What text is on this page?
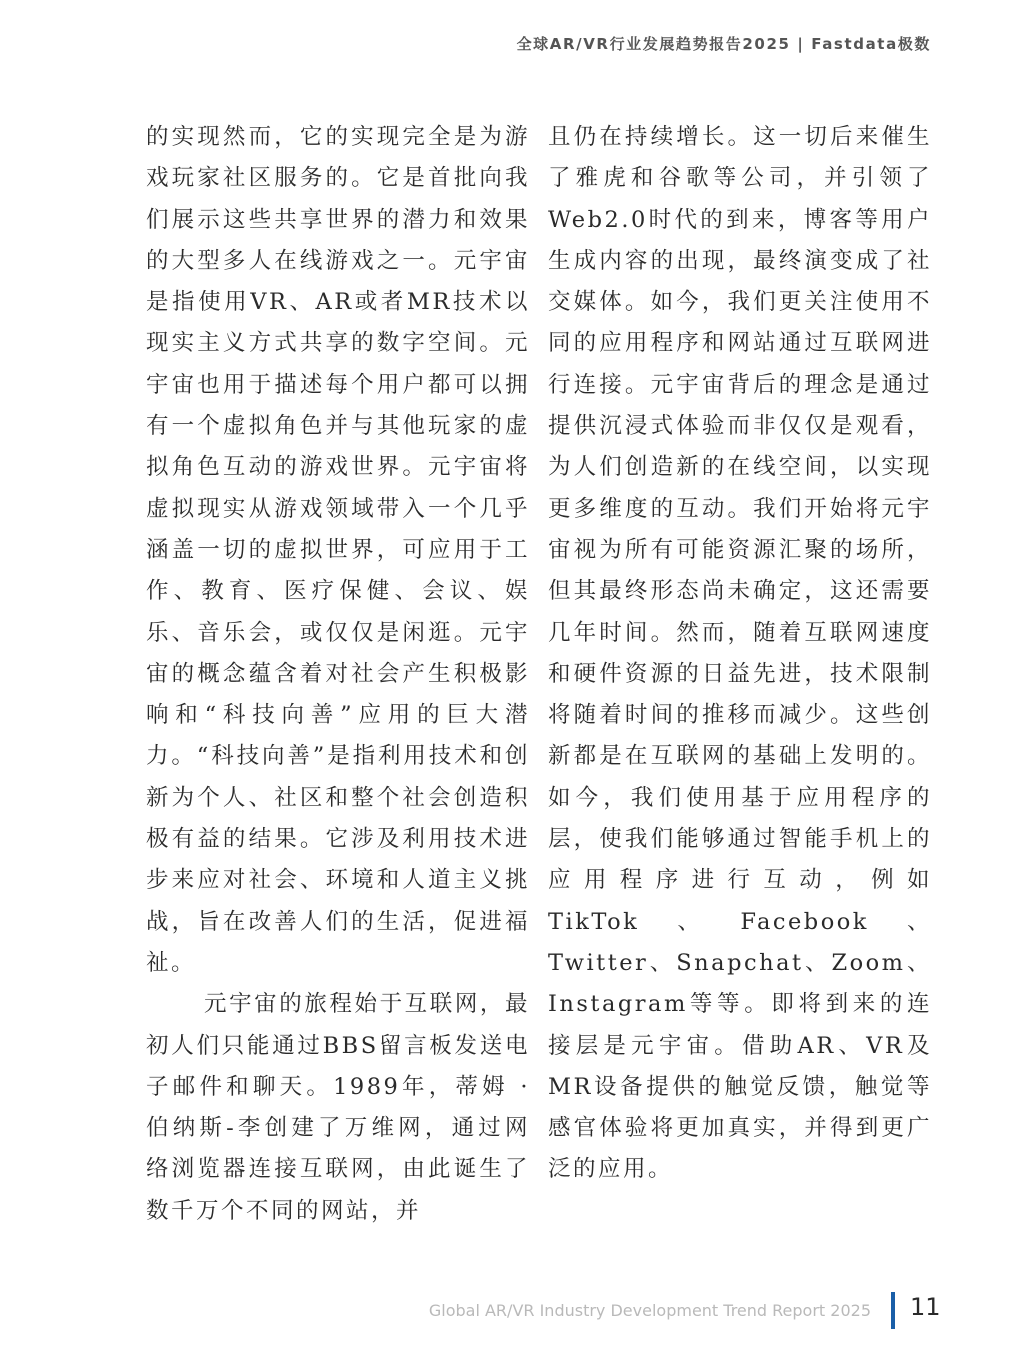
全球AR/VR行业发展趋势报告2025 | Fastdata极数

的实现然而，它的实现完全是为游戏玩家社区服务的。它是首批向我们展示这些共享世界的潜力和效果的大型多人在线游戏之一。元宇宙是指使用VR、AR或者MR技术以现实主义方式共享的数字空间。元宇宙也用于描述每个用户都可以拥有一个虚拟角色并与其他玩家的虚拟角色互动的游戏世界。元宇宙将虚拟现实从游戏领域带入一个几乎涵盖一切的虚拟世界，可应用于工作、教育、医疗保健、会议、娱乐、音乐会，或仅仅是闲逛。元宇宙的概念蕴含着对社会产生积极影响和“科技向善”应用的巨大潜力。“科技向善”是指利用技术和创新为个人、社区和整个社会创造积极有益的结果。它涉及利用技术进步来应对社会、环境和人道主义挑战，旨在改善人们的生活，促进福祉。

元宇宙的旅程始于互联网，最初人们只能通过BBS留言板发送电子邮件和聊天。1989年，蒂姆 · 伯纳斯-李创建了万维网，通过网络浏览器连接互联网，由此诞生了数千万个不同的网站，并

且仍在持续增长。这一切后来催生了雅虎和谷歌等公司，并引领了Web2.0时代的到来，博客等用户生成内容的出现，最终演变成了社交媒体。如今，我们更关注使用不同的应用程序和网站通过互联网进行连接。元宇宙背后的理念是通过提供沉浸式体验而非仅仅是观看，为人们创造新的在线空间，以实现更多维度的互动。我们开始将元宇宙视为所有可能资源汇聚的场所，但其最终形态尚未确定，这还需要几年时间。然而，随着互联网速度和硬件资源的日益先进，技术限制将随着时间的推移而减少。这些创新都是在互联网的基础上发明的。如今，我们使用基于应用程序的层，使我们能够通过智能手机上的应用程序进行互动，例如TikTok、Facebook、Twitter、Snapchat、Zoom、Instagram等等。即将到来的连接层是元宇宙。借助AR、VR及MR设备提供的触觉反馈，触觉等感官体验将更加真实，并得到更广泛的应用。

Global AR/VR Industry Development Trend Report 2025 11
